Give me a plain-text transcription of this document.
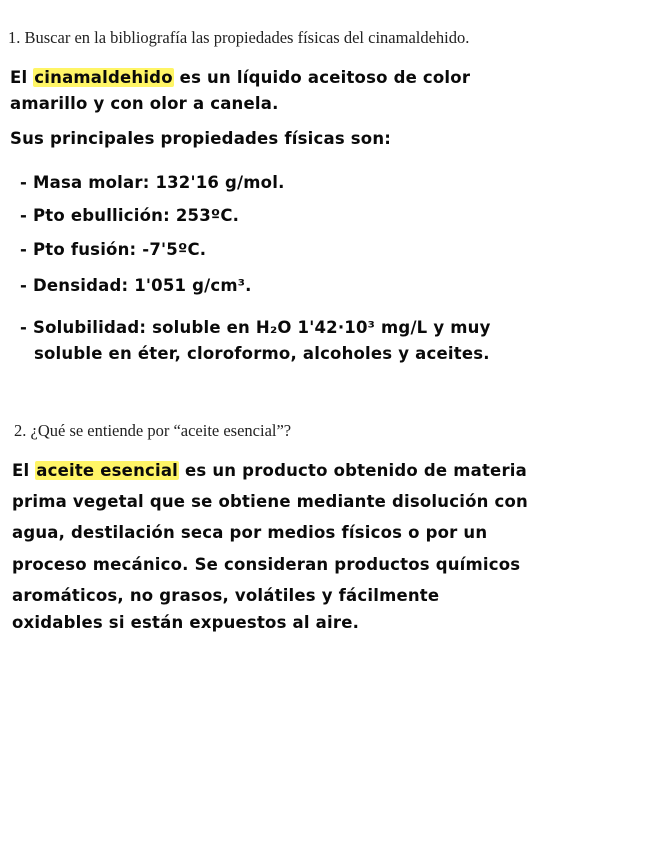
1. Buscar en la bibliografía las propiedades físicas del cinamaldehido.
El cinamaldehido es un líquido aceitoso de color
amarillo y con olor a canela.
Sus principales propiedades físicas son:
- Masa molar: 132'16 g/mol.
- Pto ebullición: 253ºC.
- Pto fusión: -7'5ºC.
- Densidad: 1'051 g/cm³.
- Solubilidad: soluble en H₂O 1'42·10³ mg/L y muy
soluble en éter, cloroformo, alcoholes y aceites.
2. ¿Qué se entiende por “aceite esencial”?
El aceite esencial es un producto obtenido de materia
prima vegetal que se obtiene mediante disolución con
agua, destilación seca por medios físicos o por un
proceso mecánico. Se consideran productos químicos
aromáticos, no grasos, volátiles y fácilmente
oxidables si están expuestos al aire.
